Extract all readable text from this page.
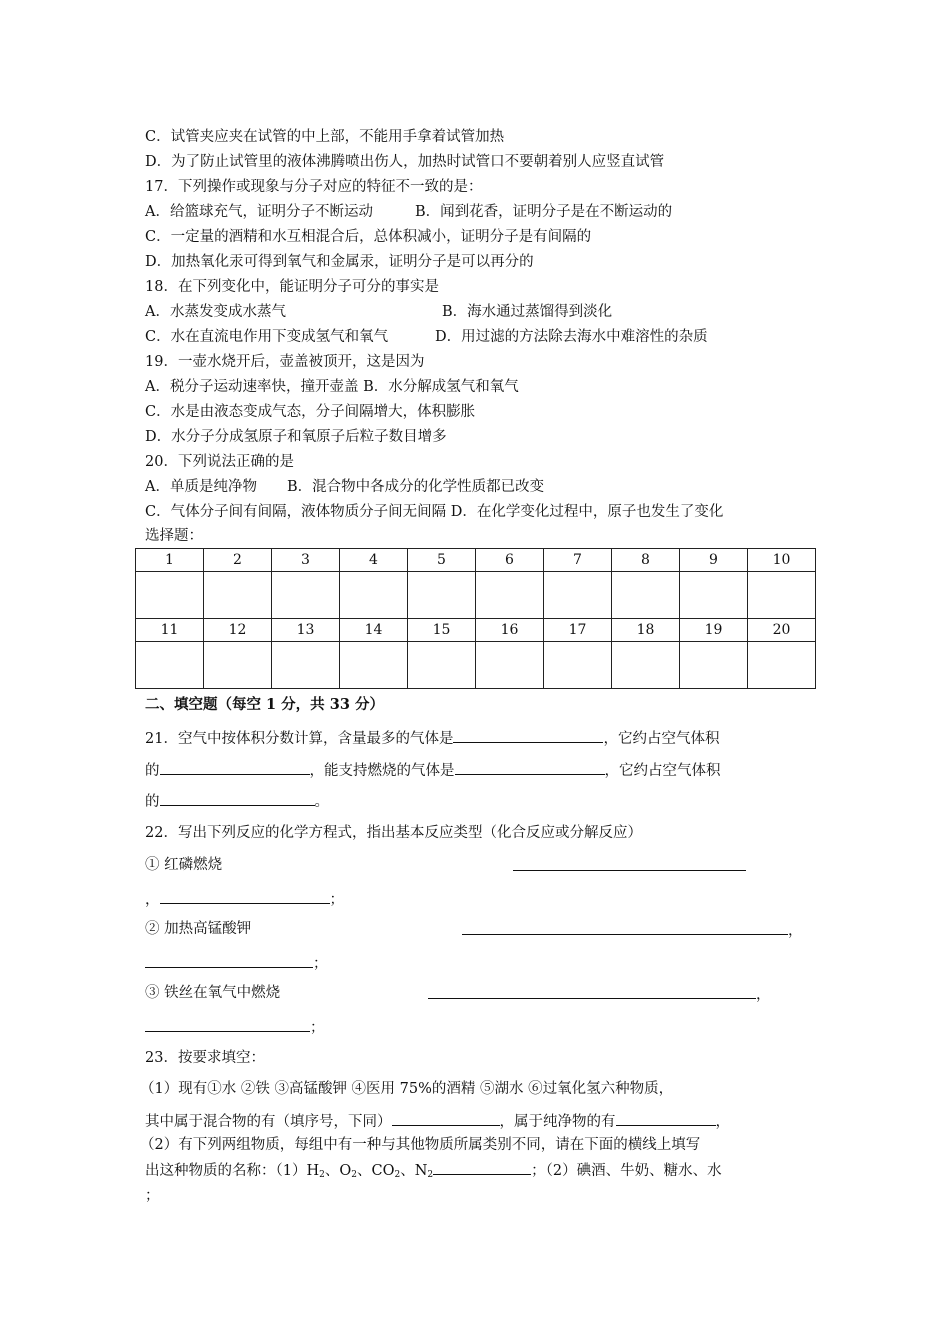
C．试管夹应夹在试管的中上部，不能用手拿着试管加热
D．为了防止试管里的液体沸腾喷出伤人，加热时试管口不要朝着别人应竖直试管
17．下列操作或现象与分子对应的特征不一致的是：
A．给篮球充气，证明分子不断运动	B．闻到花香，证明分子是在不断运动的
C．一定量的酒精和水互相混合后，总体积减小，证明分子是有间隔的
D．加热氧化汞可得到氧气和金属汞，证明分子是可以再分的
18．在下列变化中，能证明分子可分的事实是
A．水蒸发变成水蒸气	B．海水通过蒸馏得到淡化
C．水在直流电作用下变成氢气和氧气	D．用过滤的方法除去海水中难溶性的杂质
19．一壶水烧开后，壶盖被顶开，这是因为
A．税分子运动速率快，撞开壶盖 B．水分解成氢气和氧气
C．水是由液态变成气态，分子间隔增大，体积膨胀
D．水分子分成氢原子和氧原子后粒子数目增多
20．下列说法正确的是
A．单质是纯净物 B．混合物中各成分的化学性质都已改变
C．气体分子间有间隔，液体物质分子间无间隔 D．在化学变化过程中，原子也发生了变化
选择题：
1	2	3	4	5	6	7	8	9	10

11	12	13	14	15	16	17	18	19	20

二、填空题（每空 1 分，共 33 分）
21．空气中按体积分数计算，含量最多的气体是	，它约占空气体积
的	，能支持燃烧的气体是	，它约占空气体积
的	。
22．写出下列反应的化学方程式，指出基本反应类型（化合反应或分解反应）
① 红磷燃烧
，	；
② 加热高锰酸钾	，
；
③ 铁丝在氧气中燃烧	，
；
23．按要求填空：
（1）现有①水 ②铁 ③高锰酸钾 ④医用 75%的酒精 ⑤湖水 ⑥过氧化氢六种物质，
其中属于混合物的有（填序号，下同）	，属于纯净物的有	，
（2）有下列两组物质，每组中有一种与其他物质所属类别不同，请在下面的横线上填写
出这种物质的名称：$(1)H_2$、$O_2$、$CO_2$、$N_2$	；（2）碘酒、牛奶、糖水、水
；
